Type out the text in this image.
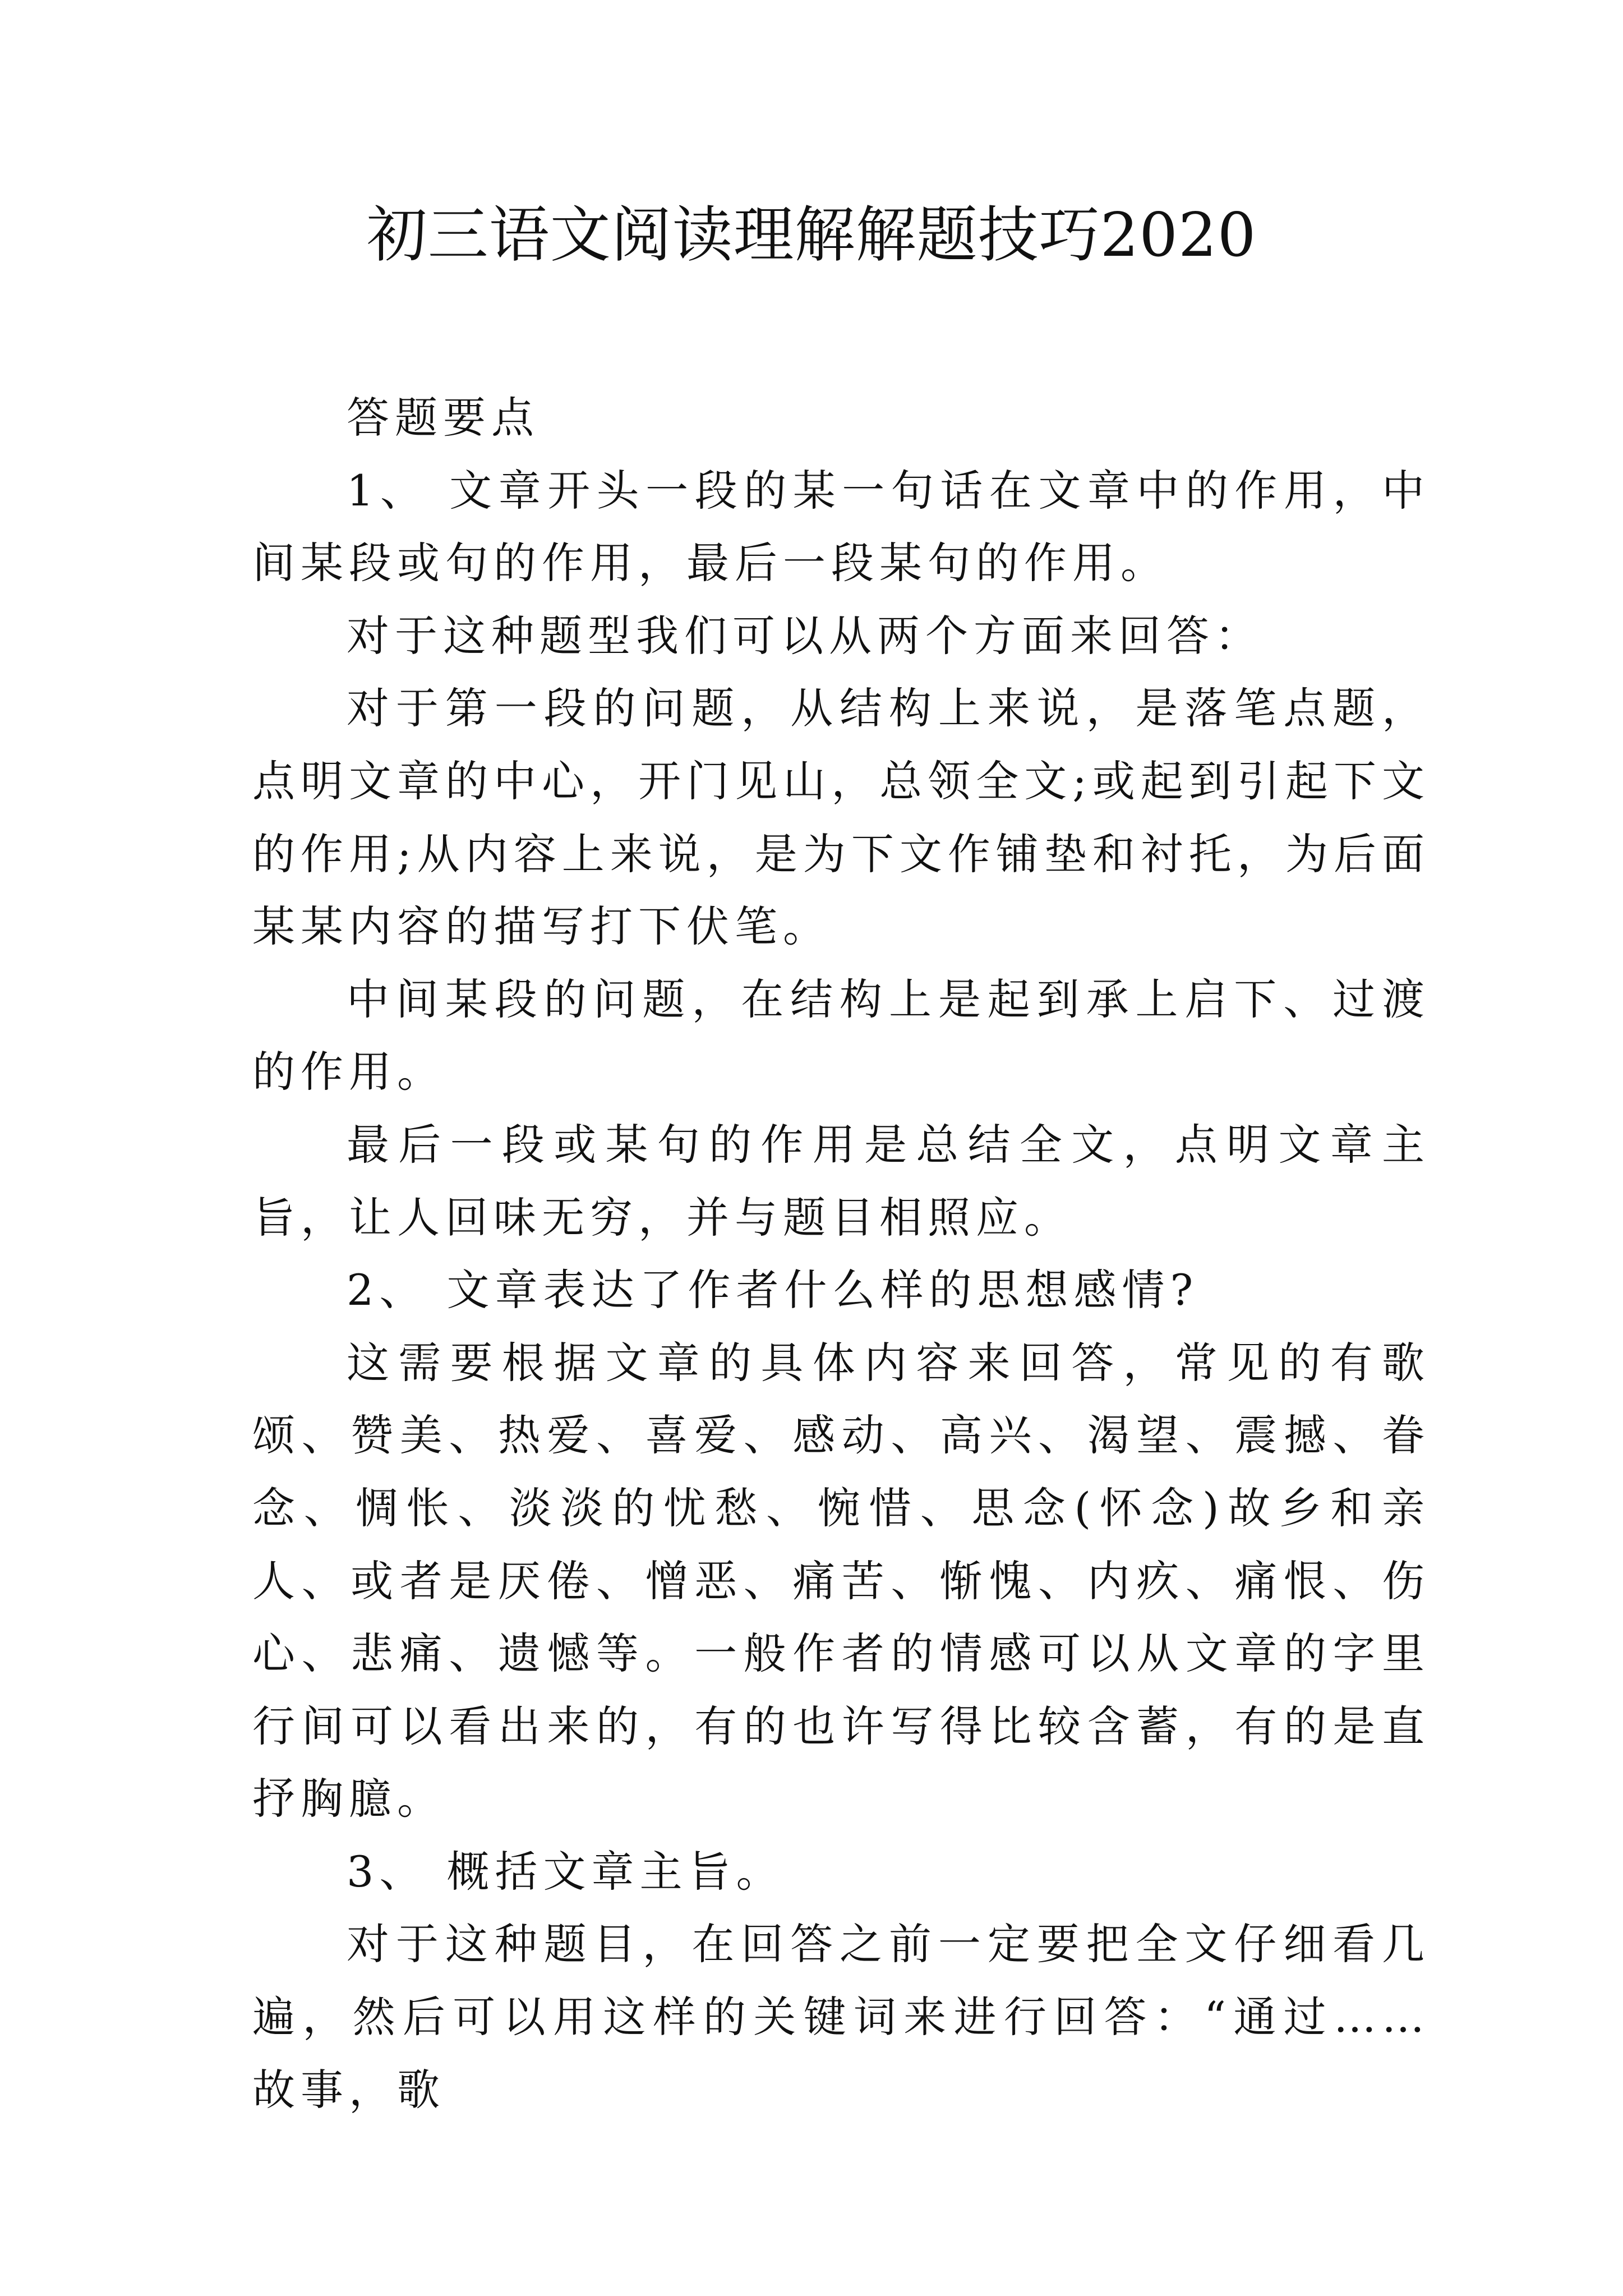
初三语文阅读理解解题技巧2020

答题要点

1、 文章开头一段的某一句话在文章中的作用，中间某段或句的作用，最后一段某句的作用。

对于这种题型我们可以从两个方面来回答：

对于第一段的问题，从结构上来说，是落笔点题，点明文章的中心，开门见山，总领全文;或起到引起下文的作用;从内容上来说，是为下文作铺垫和衬托，为后面某某内容的描写打下伏笔。

中间某段的问题，在结构上是起到承上启下、过渡的作用。

最后一段或某句的作用是总结全文，点明文章主旨，让人回味无穷，并与题目相照应。

2、 文章表达了作者什么样的思想感情?

这需要根据文章的具体内容来回答，常见的有歌颂、赞美、热爱、喜爱、感动、高兴、渴望、震撼、眷念、惆怅、淡淡的忧愁、惋惜、思念(怀念)故乡和亲人、或者是厌倦、憎恶、痛苦、惭愧、内疚、痛恨、伤心、悲痛、遗憾等。一般作者的情感可以从文章的字里行间可以看出来的，有的也许写得比较含蓄，有的是直抒胸臆。

3、 概括文章主旨。

对于这种题目，在回答之前一定要把全文仔细看几遍，然后可以用这样的关键词来进行回答：“通过…… 故事，歌
